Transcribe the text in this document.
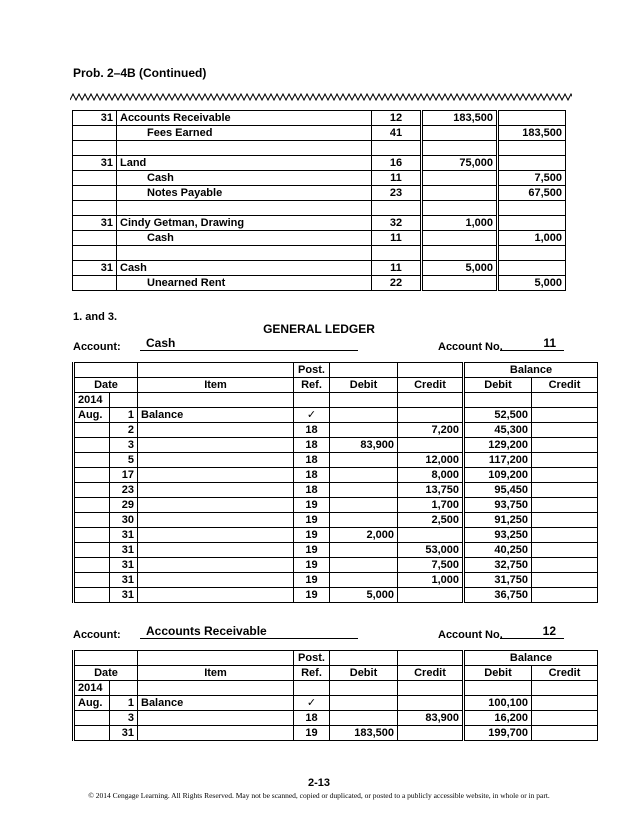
Prob. 2–4B (Continued)
31	Accounts Receivable	12	183,500	
	Fees Earned	41		183,500

31	Land	16	75,000	
	Cash	11		7,500
	Notes Payable	23		67,500

31	Cindy Getman, Drawing	32	1,000	
	Cash	11		1,000

31	Cash	11	5,000	
	Unearned Rent	22		5,000
1. and 3.
GENERAL LEDGER
Account:	Cash	Account No.	11
			Post.			Balance	
Date		Item	Ref.	Debit	Credit	Debit	Credit
2014							
Aug.	1	Balance	✓			52,500	
	2		18		7,200	45,300	
	3		18	83,900		129,200	
	5		18		12,000	117,200	
	17		18		8,000	109,200	
	23		18		13,750	95,450	
	29		19		1,700	93,750	
	30		19		2,500	91,250	
	31		19	2,000		93,250	
	31		19		53,000	40,250	
	31		19		7,500	32,750	
	31		19		1,000	31,750	
	31		19	5,000		36,750	
Account:	Accounts Receivable	Account No.	12
			Post.			Balance	
Date		Item	Ref.	Debit	Credit	Debit	Credit
2014							
Aug.	1	Balance	✓			100,100	
	3		18		83,900	16,200	
	31		19	183,500		199,700	
2-13
© 2014 Cengage Learning. All Rights Reserved. May not be scanned, copied or duplicated, or posted to a publicly accessible website, in whole or in part.
